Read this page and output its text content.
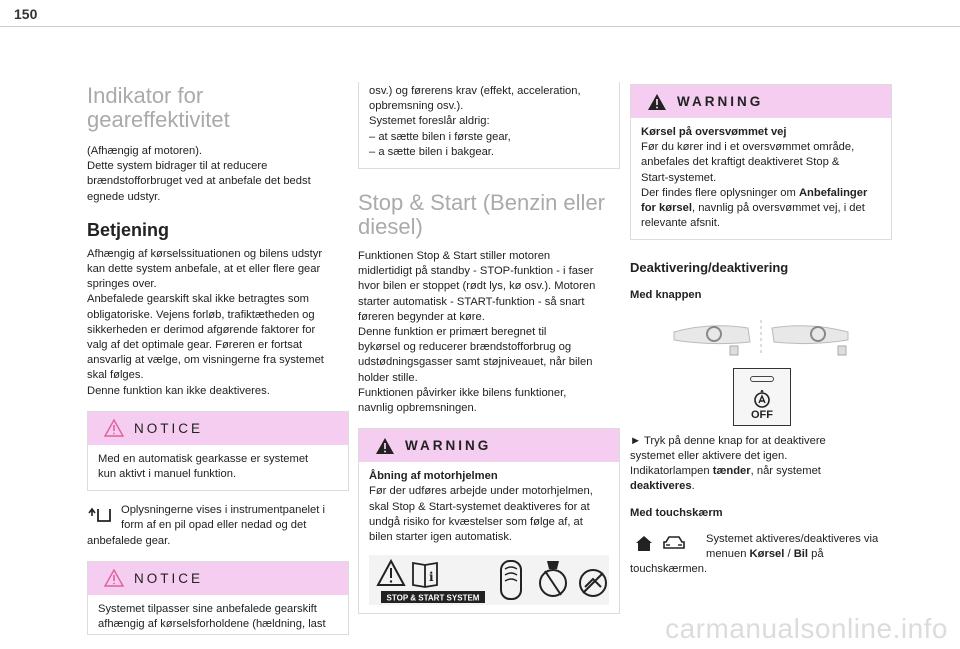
150
Indikator for
geareffektivitet
(Afhængig af motoren).
Dette system bidrager til at reducere
brændstofforbruget ved at anbefale det bedst
egnede udstyr.
Betjening
Afhængig af kørselssituationen og bilens udstyr
kan dette system anbefale, at et eller flere gear
springes over.
Anbefalede gearskift skal ikke betragtes som
obligatoriske. Vejens forløb, trafiktætheden og
sikkerheden er derimod afgørende faktorer for
valg af det optimale gear. Føreren er fortsat
ansvarlig at vælge, om visningerne fra systemet
skal følges.
Denne funktion kan ikke deaktiveres.
NOTICE
Med en automatisk gearkasse er systemet
kun aktivt i manuel funktion.
Oplysningerne vises i instrumentpanelet i
form af en pil opad eller nedad og det
anbefalede gear.
NOTICE
Systemet tilpasser sine anbefalede gearskift
afhængig af kørselsforholdene (hældning, last
osv.) og førerens krav (effekt, acceleration,
opbremsning osv.).
Systemet foreslår aldrig:
– at sætte bilen i første gear,
– a sætte bilen i bakgear.
Stop & Start (Benzin eller
diesel)
Funktionen Stop & Start stiller motoren
midlertidigt på standby - STOP-funktion - i faser
hvor bilen er stoppet (rødt lys, kø osv.). Motoren
starter automatisk - START-funktion - så snart
føreren begynder at køre.
Denne funktion er primært beregnet til
bykørsel og reducerer brændstofforbrug og
udstødningsgasser samt støjniveauet, når bilen
holder stille.
Funktionen påvirker ikke bilens funktioner,
navnlig opbremsningen.
WARNING
Åbning af motorhjelmen
Før der udføres arbejde under motorhjelmen,
skal Stop & Start-systemet deaktiveres for at
undgå risiko for kvæstelser som følge af, at
bilen starter igen automatisk.
i
STOP & START SYSTEM
WARNING
Kørsel på oversvømmet vej
Før du kører ind i et oversvømmet område,
anbefales det kraftigt deaktiveret Stop &
Start-systemet.
Der findes flere oplysninger om Anbefalinger
for kørsel, navnlig på oversvømmet vej, i det
relevante afsnit.
Deaktivering/deaktivering
Med knappen
OFF
► Tryk på denne knap for at deaktivere
systemet eller aktivere det igen.
Indikatorlampen tænder, når systemet
deaktiveres.
Med touchskærm
Systemet aktiveres/deaktiveres via
menuen Kørsel / Bil på
touchskærmen.
carmanualsonline.info
